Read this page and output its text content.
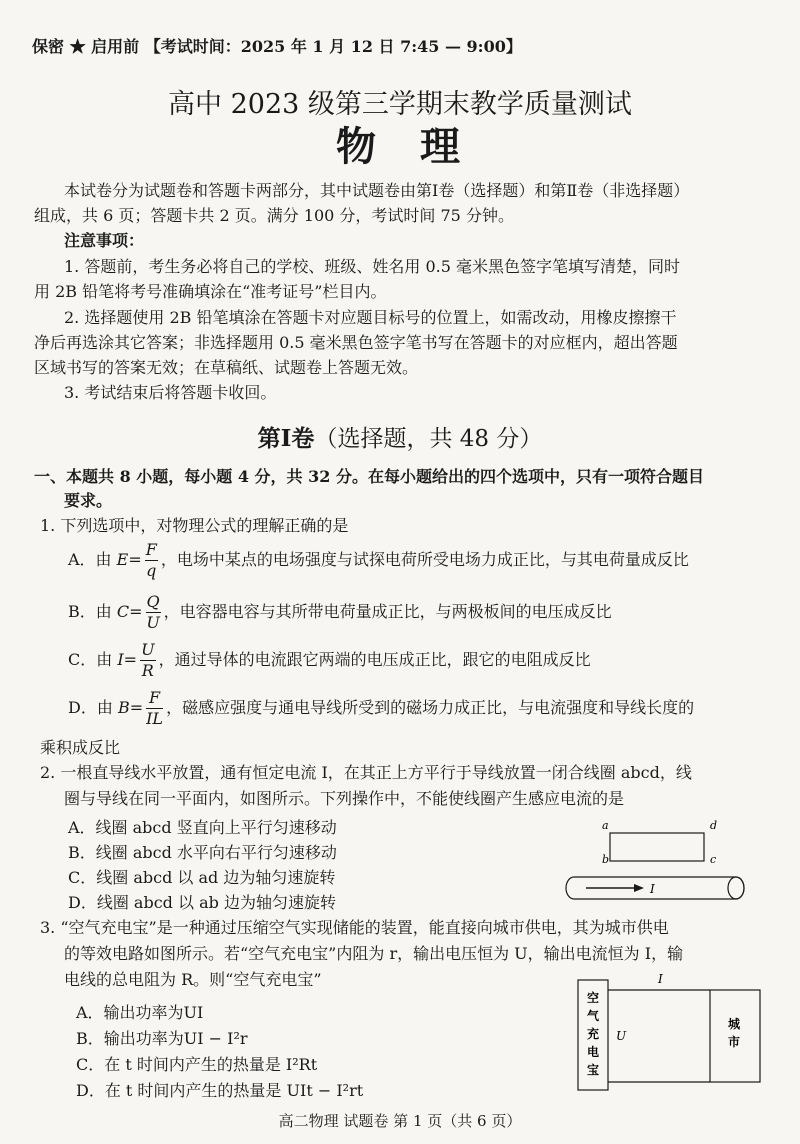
保密 ★ 启用前 【考试时间：2025 年 1 月 12 日 7:45 — 9:00】
高中 2023 级第三学期末教学质量测试
物理
本试卷分为试题卷和答题卡两部分，其中试题卷由第Ⅰ卷（选择题）和第Ⅱ卷（非选择题）
组成，共 6 页；答题卡共 2 页。满分 100 分，考试时间 75 分钟。
注意事项：
1. 答题前，考生务必将自己的学校、班级、姓名用 0.5 毫米黑色签字笔填写清楚，同时
用 2B 铅笔将考号准确填涂在“准考证号”栏目内。
2. 选择题使用 2B 铅笔填涂在答题卡对应题目标号的位置上，如需改动，用橡皮擦擦干
净后再选涂其它答案；非选择题用 0.5 毫米黑色签字笔书写在答题卡的对应框内，超出答题
区域书写的答案无效；在草稿纸、试题卷上答题无效。
3. 考试结束后将答题卡收回。
第Ⅰ卷（选择题，共 48 分）
一、本题共 8 小题，每小题 4 分，共 32 分。在每小题给出的四个选项中，只有一项符合题目
要求。
1. 下列选项中，对物理公式的理解正确的是
A．由 $E= \frac{F}{q}$ ，电场中某点的电场强度与试探电荷所受电场力成正比，与其电荷量成反比
B．由 $C= \frac{Q}{U}$ ，电容器电容与其所带电荷量成正比，与两极板间的电压成反比
C．由 $I= \frac{U}{R}$ ，通过导体的电流跟它两端的电压成正比，跟它的电阻成反比
D．由 $B= \frac{F}{IL}$ ，磁感应强度与通电导线所受到的磁场力成正比，与电流强度和导线长度的
乘积成反比
2. 一根直导线水平放置，通有恒定电流 I，在其正上方平行于导线放置一闭合线圈 abcd，线
圈与导线在同一平面内，如图所示。下列操作中，不能使线圈产生感应电流的是
A．线圈 abcd 竖直向上平行匀速移动
B．线圈 abcd 水平向右平行匀速移动
C．线圈 abcd 以 ad 边为轴匀速旋转
D．线圈 abcd 以 ab 边为轴匀速旋转
a	d
b	c
I
3. “空气充电宝”是一种通过压缩空气实现储能的装置，能直接向城市供电，其为城市供电
的等效电路如图所示。若“空气充电宝”内阻为 r，输出电压恒为 U，输出电流恒为 I，输
电线的总电阻为 R。则“空气充电宝”
A．输出功率为UI
B．输出功率为UI − I²r
C．在 t 时间内产生的热量是 I²Rt
D．在 t 时间内产生的热量是 UIt − I²rt
空
气
充
电
宝
城
市
I
U
高二物理 试题卷 第 1 页（共 6 页）
